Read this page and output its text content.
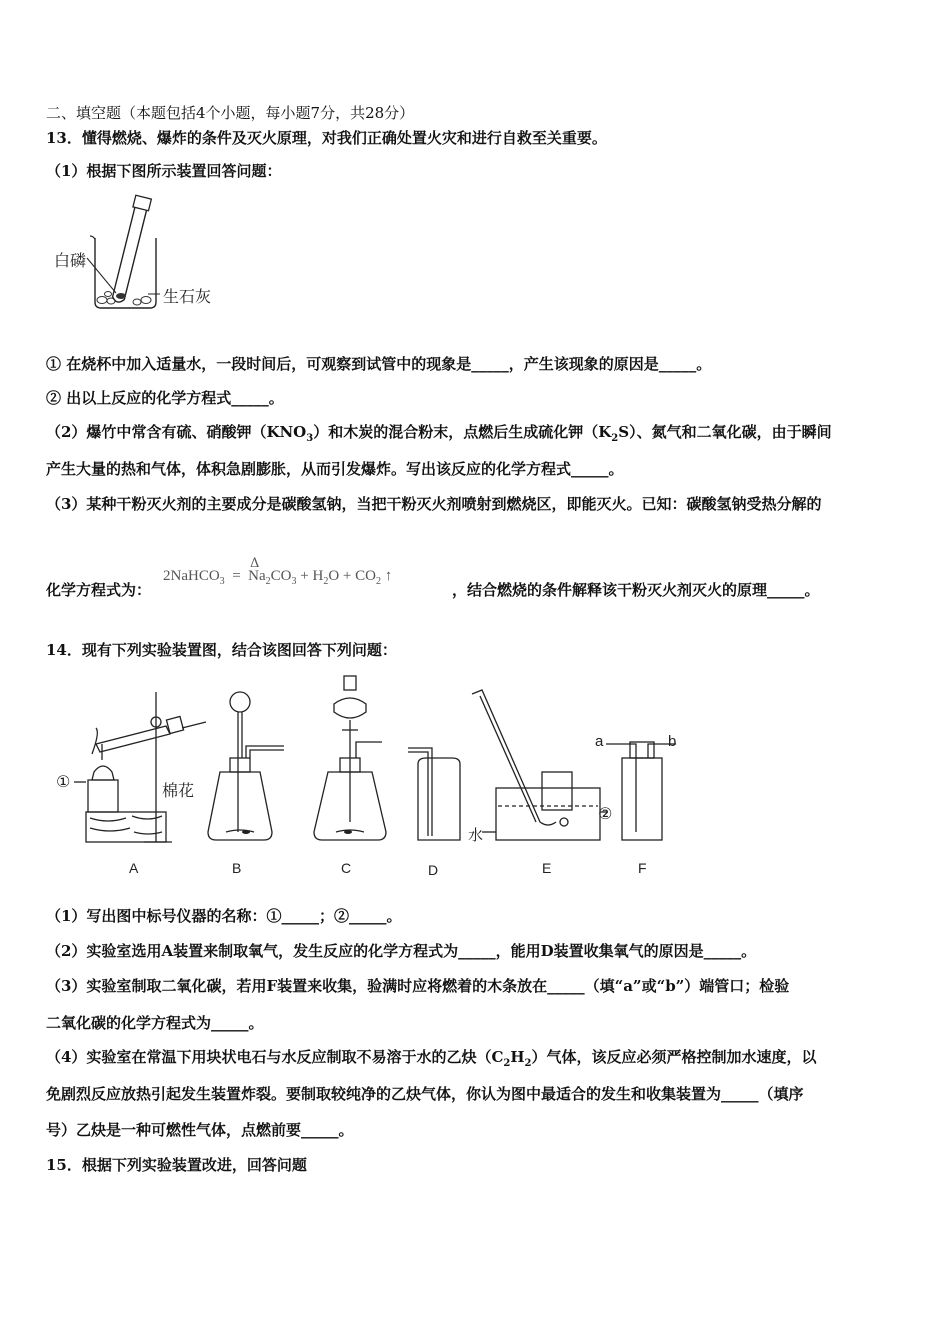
二、填空题（本题包括4个小题，每小题7分，共28分）
13．懂得燃烧、爆炸的条件及灭火原理，对我们正确处置火灾和进行自救至关重要。
（1）根据下图所示装置回答问题：
白磷
生石灰
① 在烧杯中加入适量水，一段时间后，可观察到试管中的现象是_____，产生该现象的原因是_____。
② 出以上反应的化学方程式_____。
（2）爆竹中常含有硫、硝酸钾$(KNO_3)$和木炭的混合粉末，点燃后生成硫化钾$(K_2S)$、氮气和二氧化碳，由于瞬间
产生大量的热和气体，体积急剧膨胀，从而引发爆炸。写出该反应的化学方程式_____。
（3）某种干粉灭火剂的主要成分是碳酸氢钠，当把干粉灭火剂喷射到燃烧区，即能灭火。已知：碳酸氢钠受热分解的
化学方程式为：
Δ
2NaHCO$_3$ = $Na_2CO_3 + H_2O + CO_2$ ↑
，结合燃烧的条件解释该干粉灭火剂灭火的原理_____。
14．现有下列实验装置图，结合该图回答下列问题：
①
棉花
水
②
a	b
A	B	C	D	E	F
（1）写出图中标号仪器的名称：①_____；②_____。
（2）实验室选用A装置来制取氧气，发生反应的化学方程式为_____，能用D装置收集氧气的原因是_____。
（3）实验室制取二氧化碳，若用F装置来收集，验满时应将燃着的木条放在_____（填“a”或“b”）端管口；检验
二氧化碳的化学方程式为_____。
（4）实验室在常温下用块状电石与水反应制取不易溶于水的乙炔$(C_2H_2)$气体，该反应必须严格控制加水速度，以
免剧烈反应放热引起发生装置炸裂。要制取较纯净的乙炔气体，你认为图中最适合的发生和收集装置为_____（填序
号）乙炔是一种可燃性气体，点燃前要_____。
15．根据下列实验装置改进，回答问题
